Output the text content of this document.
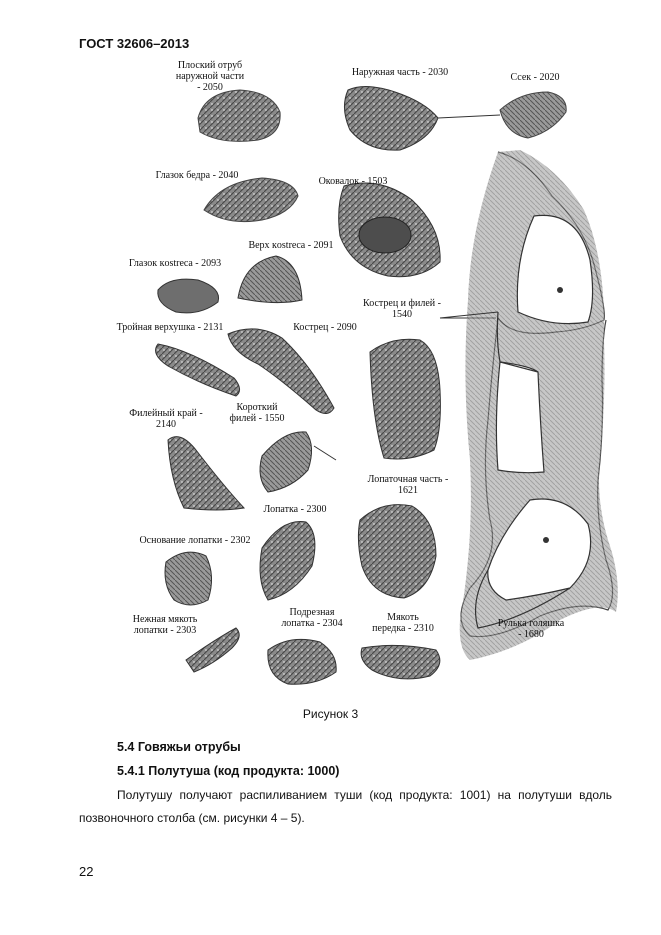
ГОСТ 32606–2013
Плоский отруб
наружной части
- 2050
Наружная часть - 2030	Ссек - 2020
Глазок бедра - 2040
Оковалок - 1503
Верх кostreca - 2091
Глазок кostreca - 2093
Кострец и филей -
1540
Тройная верхушка - 2131	Кострец - 2090
Филейный край -
2140
Короткий
филей - 1550
Лопаточная часть -
1621
Лопатка - 2300
Основание лопатки - 2302
Нежная мякоть
лопатки - 2303
Подрезная
лопатка - 2304
Мякоть
передка - 2310	Рулька голяшка
- 1680
Рисунок 3
5.4 Говяжьи отрубы
5.4.1 Полутуша (код продукта: 1000)
Полутушу получают распиливанием туши (код продукта: 1001) на полутуши вдоль позвоночного столба (см. рисунки 4 – 5).
22
